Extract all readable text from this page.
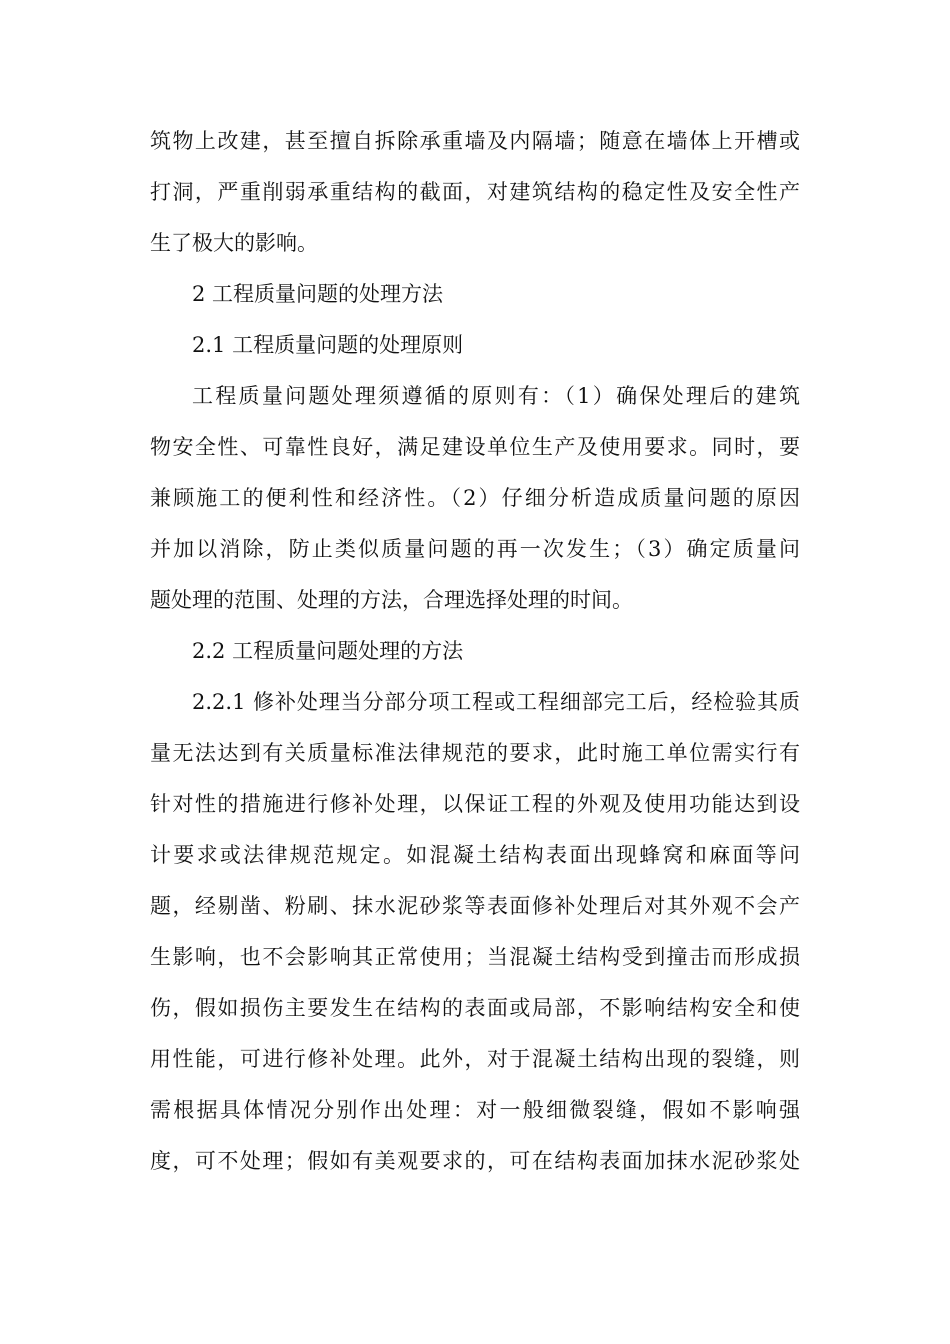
筑物上改建，甚至擅自拆除承重墙及内隔墙；随意在墙体上开槽或
打洞，严重削弱承重结构的截面，对建筑结构的稳定性及安全性产
生了极大的影响。
2 工程质量问题的处理方法
2.1 工程质量问题的处理原则
工程质量问题处理须遵循的原则有：（1）确保处理后的建筑
物安全性、可靠性良好，满足建设单位生产及使用要求。同时，要
兼顾施工的便利性和经济性。（2）仔细分析造成质量问题的原因
并加以消除，防止类似质量问题的再一次发生；（3）确定质量问
题处理的范围、处理的方法，合理选择处理的时间。
2.2 工程质量问题处理的方法
2.2.1 修补处理当分部分项工程或工程细部完工后，经检验其质
量无法达到有关质量标准法律规范的要求，此时施工单位需实行有
针对性的措施进行修补处理，以保证工程的外观及使用功能达到设
计要求或法律规范规定。如混凝土结构表面出现蜂窝和麻面等问
题，经剔凿、粉刷、抹水泥砂浆等表面修补处理后对其外观不会产
生影响，也不会影响其正常使用；当混凝土结构受到撞击而形成损
伤，假如损伤主要发生在结构的表面或局部，不影响结构安全和使
用性能，可进行修补处理。此外，对于混凝土结构出现的裂缝，则
需根据具体情况分别作出处理：对一般细微裂缝，假如不影响强
度，可不处理；假如有美观要求的，可在结构表面加抹水泥砂浆处
